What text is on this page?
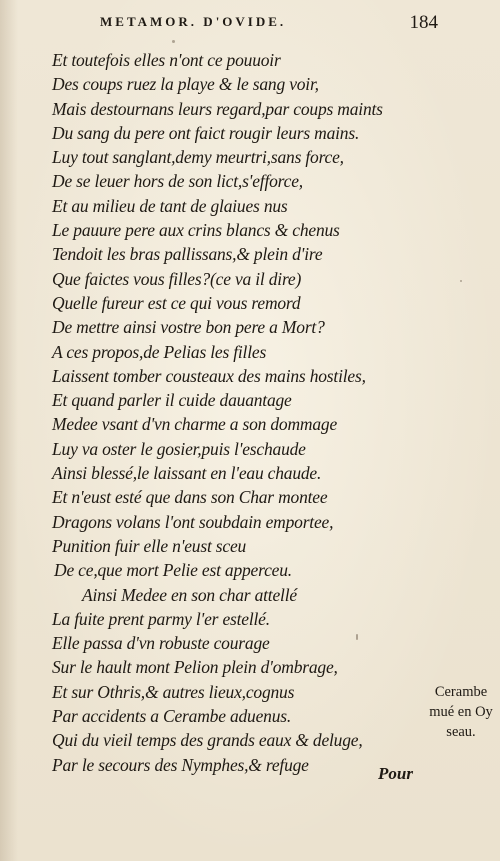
METAMOR. D'OVIDE.	184
Et toutefois elles n'ont ce pouuoir
Des coups ruez la playe & le sang voir,
Mais destournans leurs regard,par coups maints
Du sang du pere ont faict rougir leurs mains.
Luy tout sanglant,demy meurtri,sans force,
De se leuer hors de son lict,s'efforce,
Et au milieu de tant de glaiues nus
Le pauure pere aux crins blancs & chenus
Tendoit les bras pallissans,& plein d'ire
Que faictes vous filles?(ce va il dire)
Quelle fureur est ce qui vous remord
De mettre ainsi vostre bon pere a Mort?
A ces propos,de Pelias les filles
Laissent tomber cousteaux des mains hostiles,
Et quand parler il cuide dauantage
Medee vsant d'vn charme a son dommage
Luy va oster le gosier,puis l'eschaude
Ainsi blessé,le laissant en l'eau chaude.
Et n'eust esté que dans son Char montee
Dragons volans l'ont soubdain emportee,
Punition fuir elle n'eust sceu
De ce,que mort Pelie est apperceu.
Ainsi Medee en son char attellé
La fuite prent parmy l'er estellé.
Elle passa d'vn robuste courage
Sur le hault mont Pelion plein d'ombrage,
Et sur Othris,& autres lieux,cognus
Par accidents a Cerambe aduenus.
Qui du vieil temps des grands eaux & deluge,
Par le secours des Nymphes,& refuge
Cerambe
mué en Oy
seau.
Pour
